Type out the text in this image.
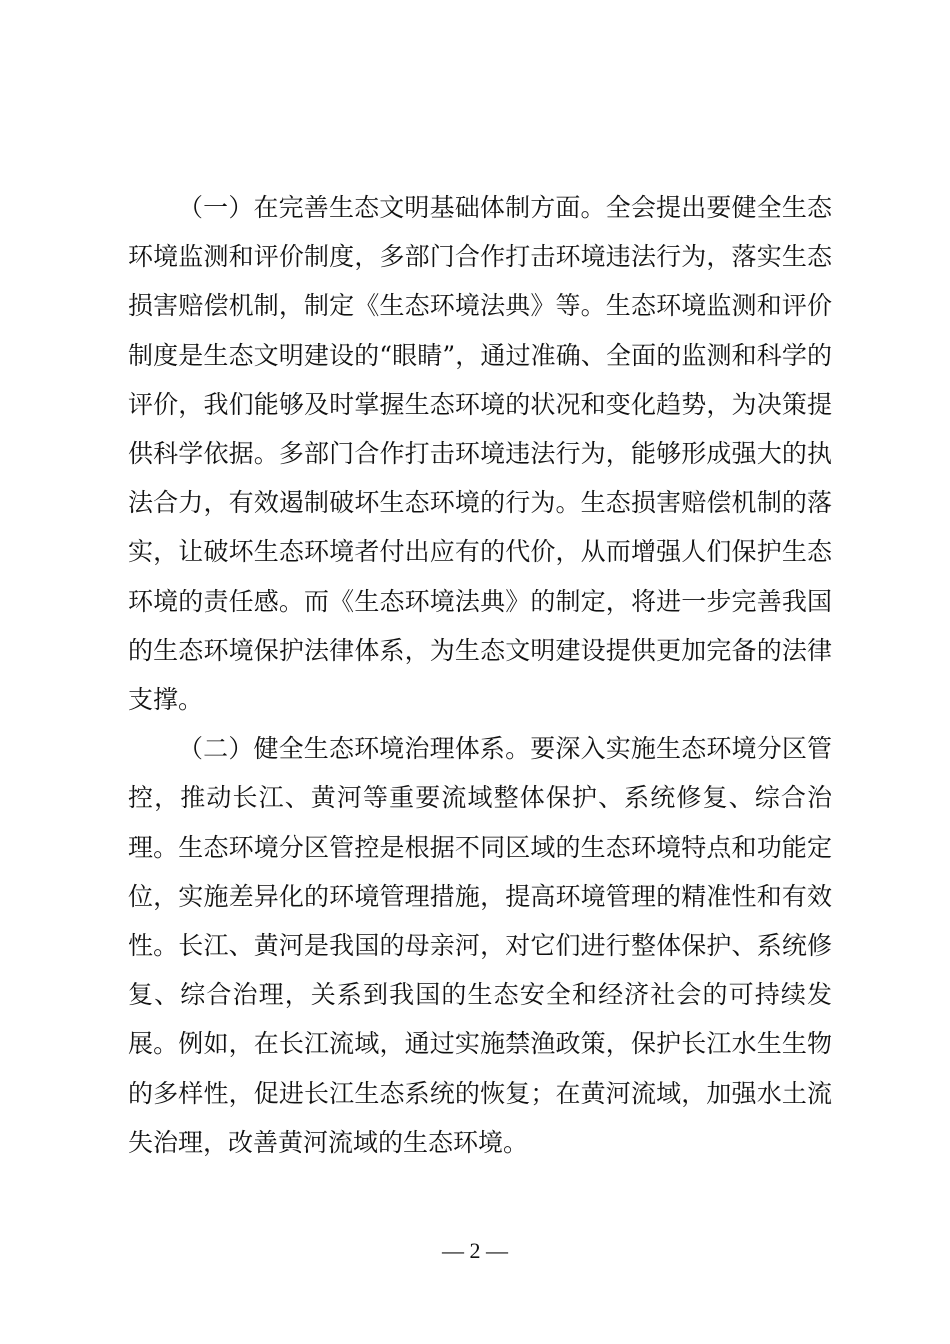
（一）在完善生态文明基础体制方面。全会提出要健全生态环境监测和评价制度，多部门合作打击环境违法行为，落实生态损害赔偿机制，制定《生态环境法典》等。生态环境监测和评价制度是生态文明建设的“眼睛”，通过准确、全面的监测和科学的评价，我们能够及时掌握生态环境的状况和变化趋势，为决策提供科学依据。多部门合作打击环境违法行为，能够形成强大的执法合力，有效遏制破坏生态环境的行为。生态损害赔偿机制的落实，让破坏生态环境者付出应有的代价，从而增强人们保护生态环境的责任感。而《生态环境法典》的制定，将进一步完善我国的生态环境保护法律体系，为生态文明建设提供更加完备的法律支撑。

（二）健全生态环境治理体系。要深入实施生态环境分区管控，推动长江、黄河等重要流域整体保护、系统修复、综合治理。生态环境分区管控是根据不同区域的生态环境特点和功能定位，实施差异化的环境管理措施，提高环境管理的精准性和有效性。长江、黄河是我国的母亲河，对它们进行整体保护、系统修复、综合治理，关系到我国的生态安全和经济社会的可持续发展。例如，在长江流域，通过实施禁渔政策，保护长江水生生物的多样性，促进长江生态系统的恢复；在黄河流域，加强水土流失治理，改善黄河流域的生态环境。

— 2 —
